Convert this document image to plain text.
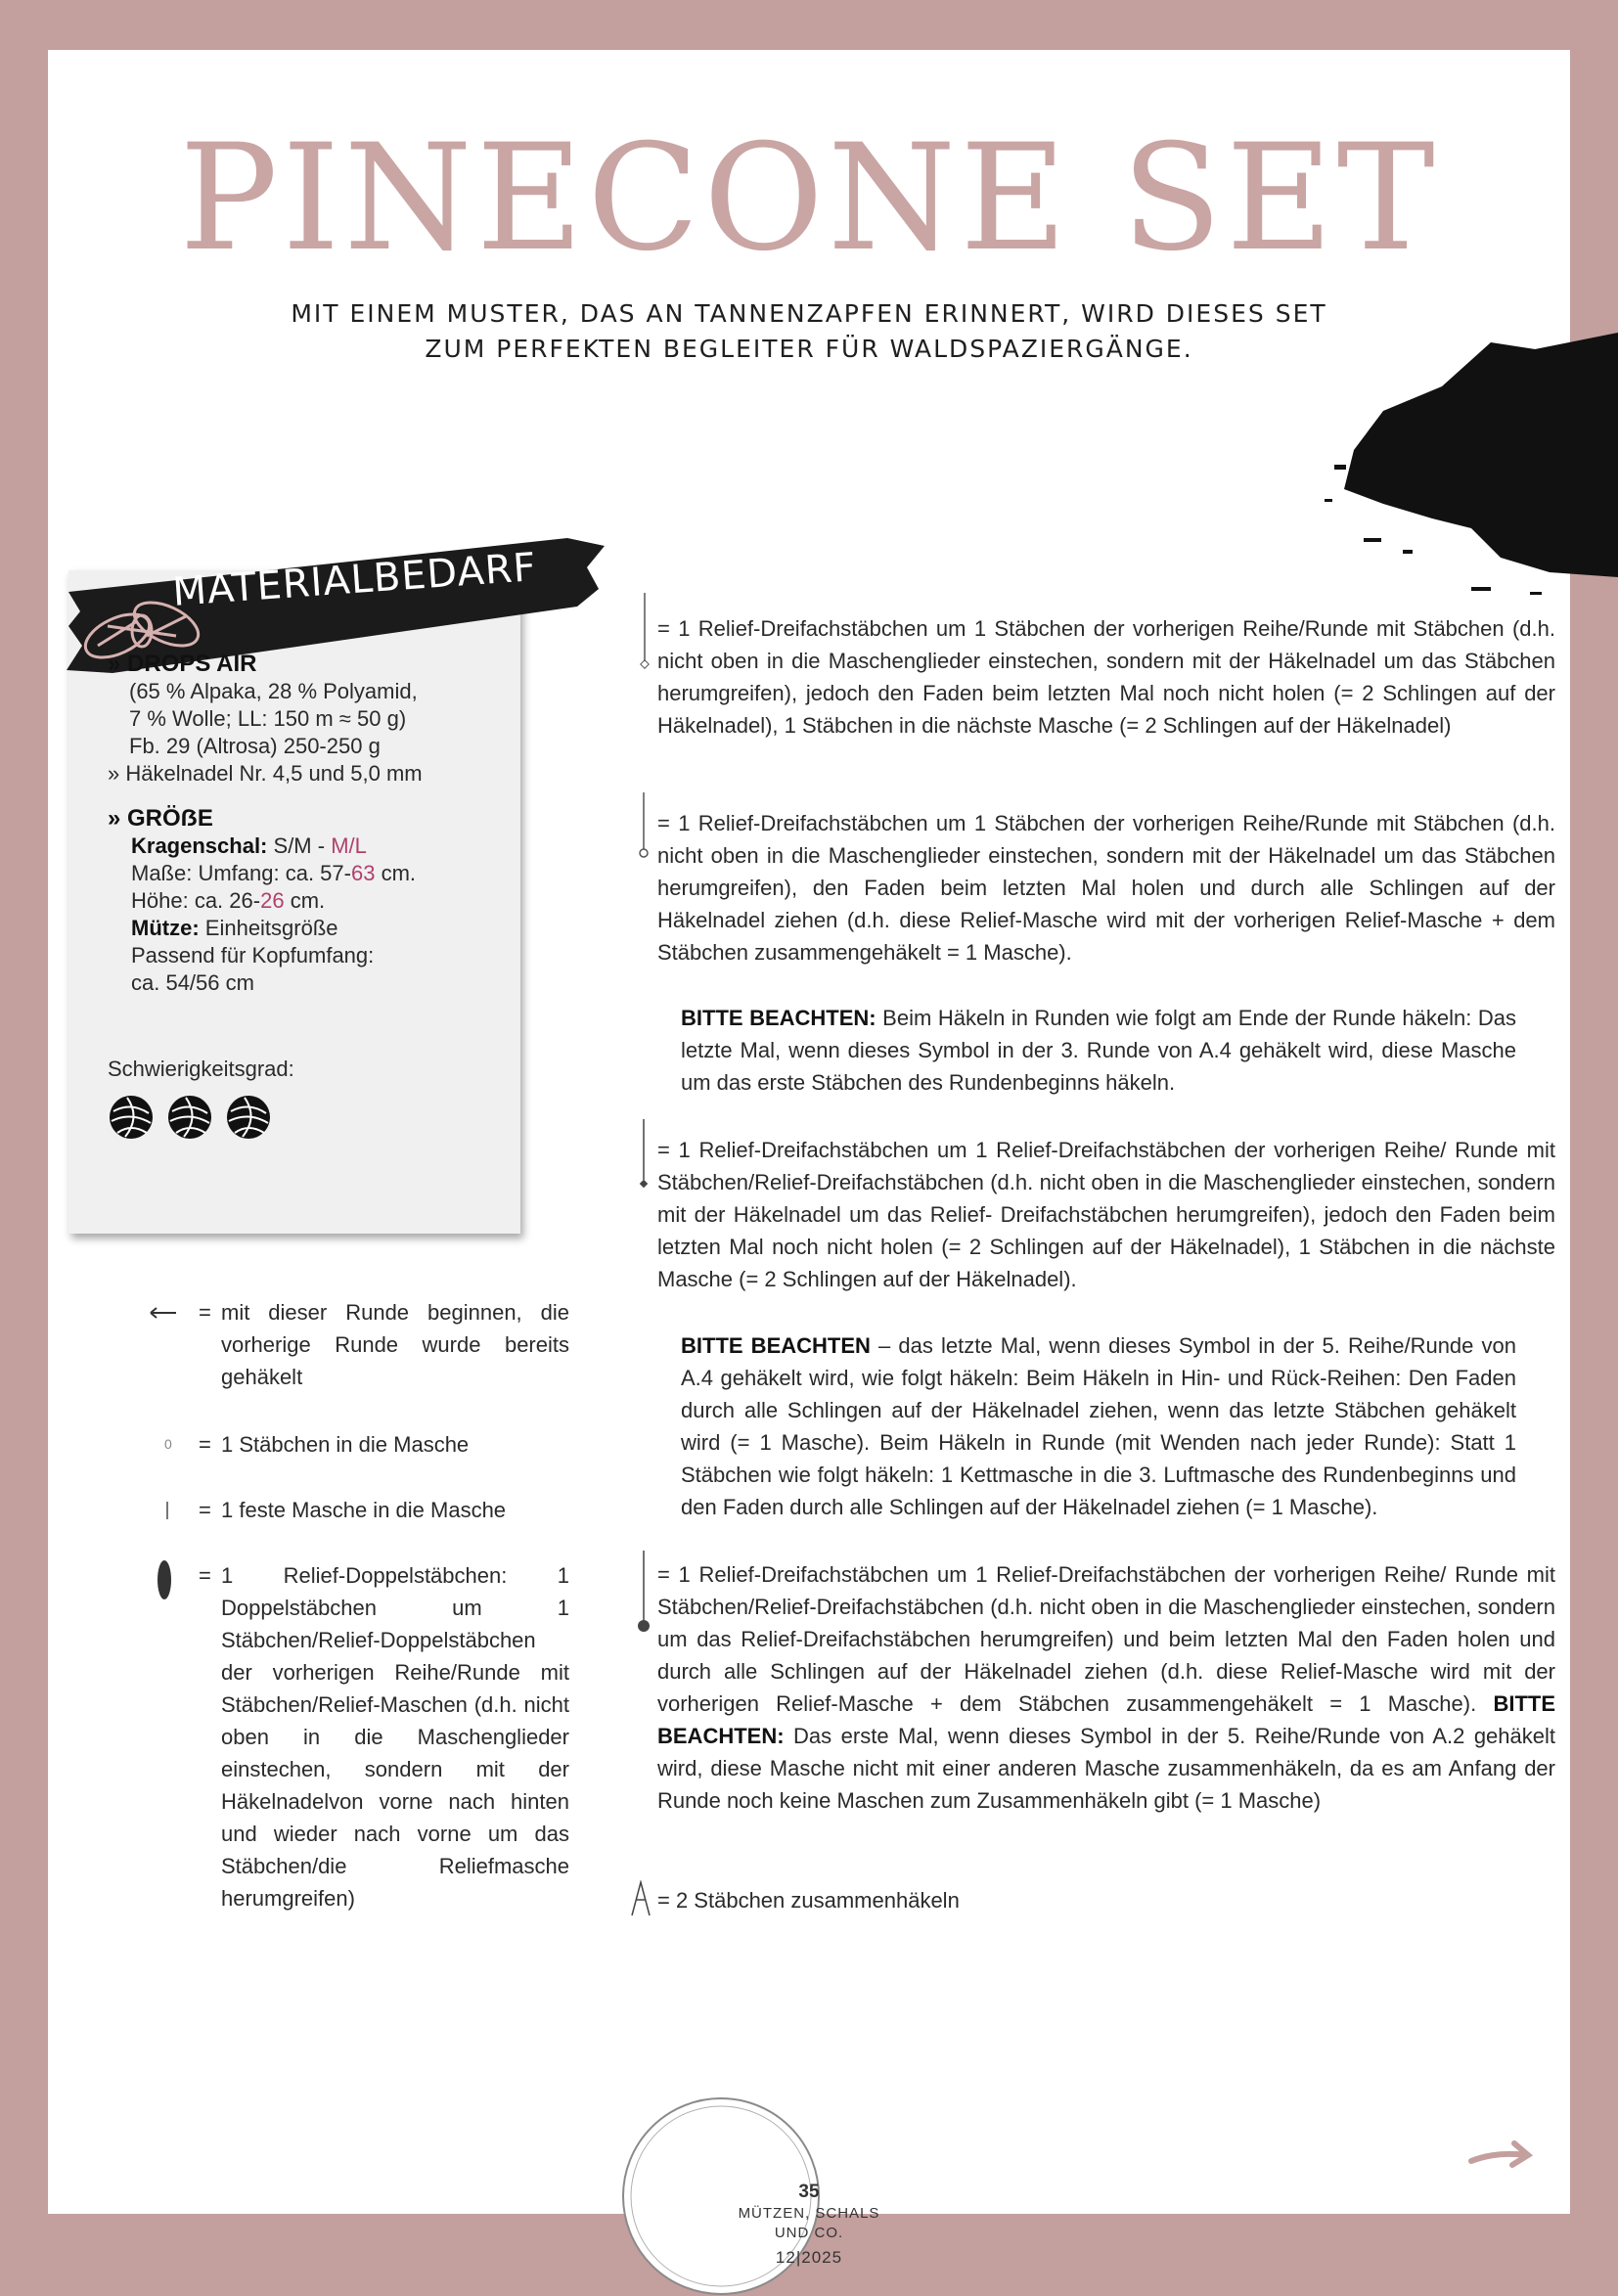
PINECONE SET
MIT EINEM MUSTER, DAS AN TANNENZAPFEN ERINNERT, WIRD DIESES SET
ZUM PERFEKTEN BEGLEITER FÜR WALDSPAZIERGÄNGE.
MATERIALBEDARF
» DROPS AIR
(65 % Alpaka, 28 % Polyamid,
7 % Wolle; LL: 150 m ≈ 50 g)
Fb. 29 (Altrosa) 250-250 g
» Häkelnadel Nr. 4,5 und 5,0 mm
» GRÖẞE
Kragenschal: S/M - M/L
Maße: Umfang: ca. 57-63 cm.
Höhe: ca. 26-26 cm.
Mütze: Einheitsgröße
Passend für Kopfumfang:
ca. 54/56 cm
Schwierigkeitsgrad:
= mit dieser Runde beginnen, die vorherige Runde wurde bereits gehäkelt
0 = 1 Stäbchen in die Masche
= 1 feste Masche in die Masche
= 1 Relief-Doppelstäbchen: 1 Doppelstäbchen um 1 Stäbchen/Relief-Doppelstäbchen der vorherigen Reihe/Runde mit Stäbchen/Relief-Maschen (d.h. nicht oben in die Maschenglieder einstechen, sondern mit der Häkelnadelvon vorne nach hinten und wieder nach vorne um das Stäbchen/die Reliefmasche herumgreifen)
= 1 Relief-Dreifachstäbchen um 1 Stäbchen der vorherigen Reihe/Runde mit Stäbchen (d.h. nicht oben in die Maschenglieder einstechen, sondern mit der Häkelnadel um das Stäbchen herumgreifen), jedoch den Faden beim letzten Mal noch nicht holen (= 2 Schlingen auf der Häkelnadel), 1 Stäbchen in die nächste Masche (= 2 Schlingen auf der Häkelnadel)
= 1 Relief-Dreifachstäbchen um 1 Stäbchen der vorherigen Reihe/Runde mit Stäbchen (d.h. nicht oben in die Maschenglieder einstechen, sondern mit der Häkelnadel um das Stäbchen herumgreifen), den Faden beim letzten Mal holen und durch alle Schlingen auf der Häkelnadel ziehen (d.h. diese Relief-Masche wird mit der vorherigen Relief-Masche + dem Stäbchen zusammengehäkelt = 1 Masche).
BITTE BEACHTEN: Beim Häkeln in Runden wie folgt am Ende der Runde häkeln: Das letzte Mal, wenn dieses Symbol in der 3. Runde von A.4 gehäkelt wird, diese Masche um das erste Stäbchen des Rundenbeginns häkeln.
= 1 Relief-Dreifachstäbchen um 1 Relief-Dreifachstäbchen der vorherigen Reihe/ Runde mit Stäbchen/Relief-Dreifachstäbchen (d.h. nicht oben in die Maschenglieder einstechen, sondern mit der Häkelnadel um das Relief- Dreifachstäbchen herumgreifen), jedoch den Faden beim letzten Mal noch nicht holen (= 2 Schlingen auf der Häkelnadel), 1 Stäbchen in die nächste Masche (= 2 Schlingen auf der Häkelnadel).
BITTE BEACHTEN – das letzte Mal, wenn dieses Symbol in der 5. Reihe/Runde von A.4 gehäkelt wird, wie folgt häkeln: Beim Häkeln in Hin- und Rück-Reihen: Den Faden durch alle Schlingen auf der Häkelnadel ziehen, wenn das letzte Stäbchen gehäkelt wird (= 1 Masche). Beim Häkeln in Runde (mit Wenden nach jeder Runde): Statt 1 Stäbchen wie folgt häkeln: 1 Kettmasche in die 3. Luftmasche des Rundenbeginns und den Faden durch alle Schlingen auf der Häkelnadel ziehen (= 1 Masche).
= 1 Relief-Dreifachstäbchen um 1 Relief-Dreifachstäbchen der vorherigen Reihe/ Runde mit Stäbchen/Relief-Dreifachstäbchen (d.h. nicht oben in die Maschenglieder einstechen, sondern um das Relief-Dreifachstäbchen herumgreifen) und beim letzten Mal den Faden holen und durch alle Schlingen auf der Häkelnadel ziehen (d.h. diese Relief-Masche wird mit der vorherigen Relief-Masche + dem Stäbchen zusammengehäkelt = 1 Masche). BITTE BEACHTEN: Das erste Mal, wenn dieses Symbol in der 5. Reihe/Runde von A.2 gehäkelt wird, diese Masche nicht mit einer anderen Masche zusammenhäkeln, da es am Anfang der Runde noch keine Maschen zum Zusammenhäkeln gibt (= 1 Masche)
= 2 Stäbchen zusammenhäkeln
35
MÜTZEN, SCHALS
UND CO.
12|2025
